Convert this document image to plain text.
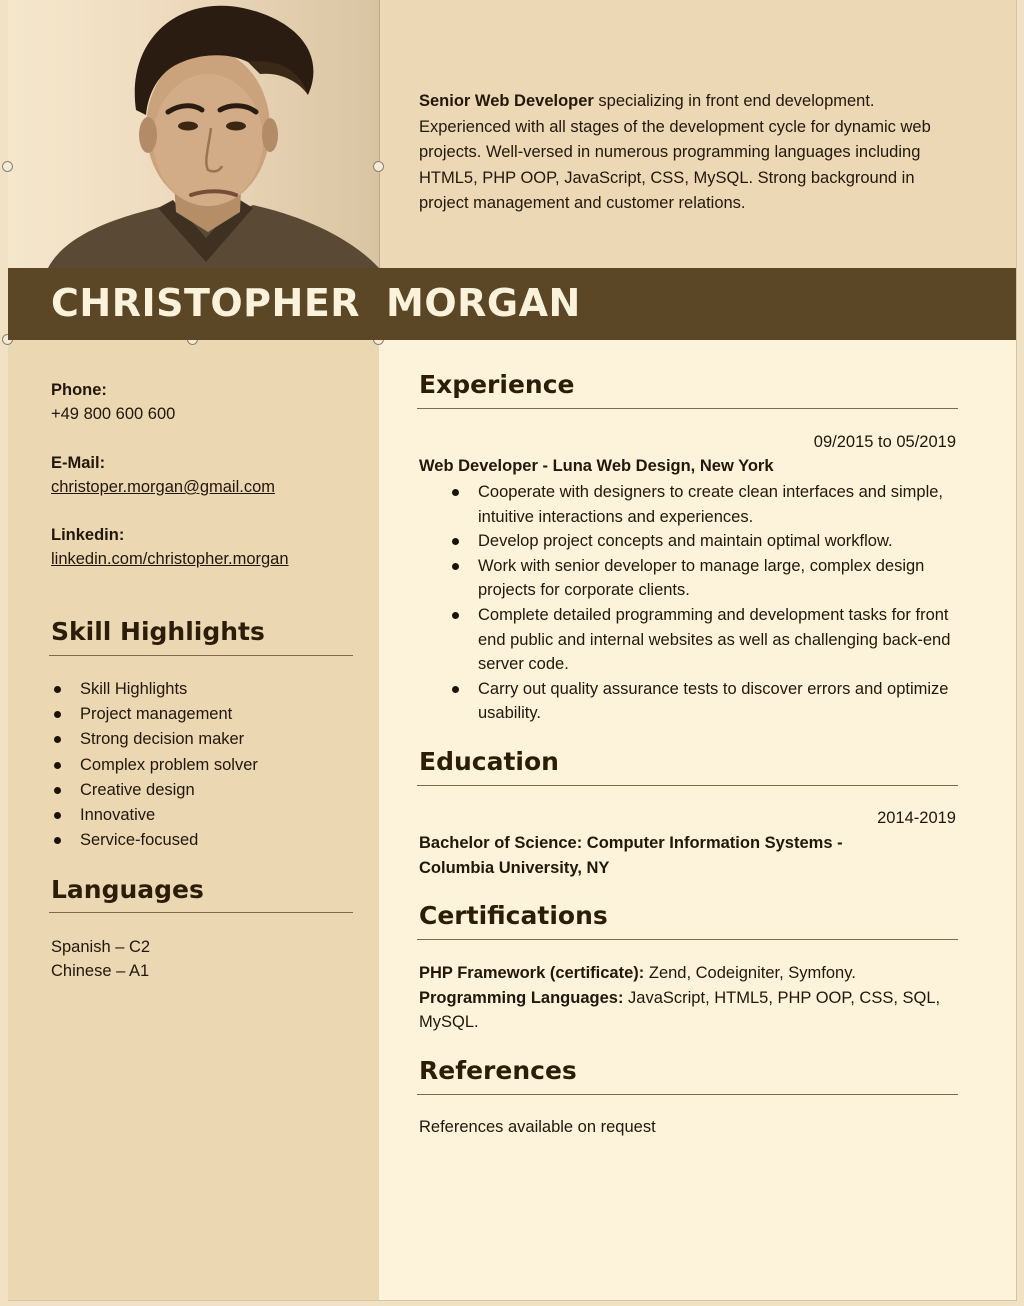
Senior Web Developer specializing in front end development. Experienced with all stages of the development cycle for dynamic web projects. Well-versed in numerous programming languages including HTML5, PHP OOP, JavaScript, CSS, MySQL. Strong background in project management and customer relations.
CHRISTOPHER MORGAN
Phone:
+49 800 600 600
E-Mail:
christoper.morgan@gmail.com
Linkedin:
linkedin.com/christopher.morgan
Skill Highlights
Skill Highlights
Project management
Strong decision maker
Complex problem solver
Creative design
Innovative
Service-focused
Languages
Spanish – C2
Chinese – A1
Experience
09/2015 to 05/2019
Web Developer - Luna Web Design, New York
Cooperate with designers to create clean interfaces and simple, intuitive interactions and experiences.
Develop project concepts and maintain optimal workflow.
Work with senior developer to manage large, complex design projects for corporate clients.
Complete detailed programming and development tasks for front end public and internal websites as well as challenging back-end server code.
Carry out quality assurance tests to discover errors and optimize usability.
Education
2014-2019
Bachelor of Science: Computer Information Systems - Columbia University, NY
Certifications
PHP Framework (certificate): Zend, Codeigniter, Symfony.
Programming Languages: JavaScript, HTML5, PHP OOP, CSS, SQL, MySQL.
References
References available on request
